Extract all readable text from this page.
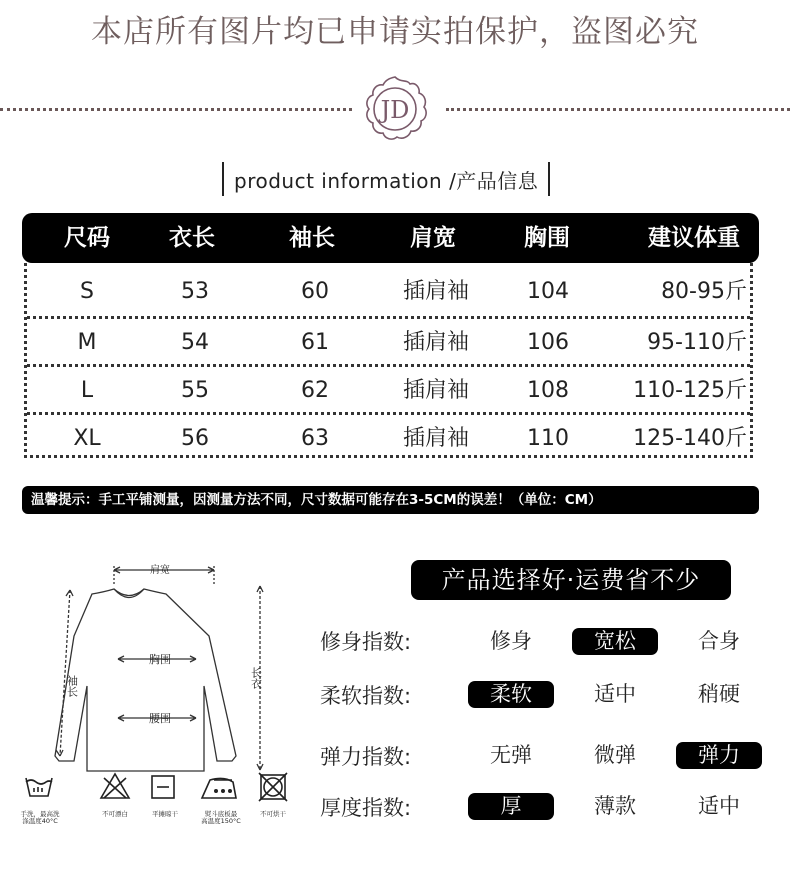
本店所有图片均已申请实拍保护，盗图必究
JD
product information /产品信息
尺码	衣长	袖长	肩宽	胸围	建议体重
S	53	60	插肩袖	104	80-95斤
M	54	61	插肩袖	106	95-110斤
L	55	62	插肩袖	108	110-125斤
XL	56	63	插肩袖	110	125-140斤
温馨提示：手工平铺测量，因测量方法不同，尺寸数据可能存在3-5CM的误差！（单位：CM）
肩宽
胸围
腰围
袖长	长衣
手洗，最高洗
涤温度40°C
不可漂白	平摊晾干	熨斗底板最
高温度150°C
不可烘干
产品选择好·运费省不少
修身指数:	修身	宽松	合身
柔软指数:	柔软	适中	稍硬
弹力指数:	无弹	微弹	弹力
厚度指数:	厚	薄款	适中
